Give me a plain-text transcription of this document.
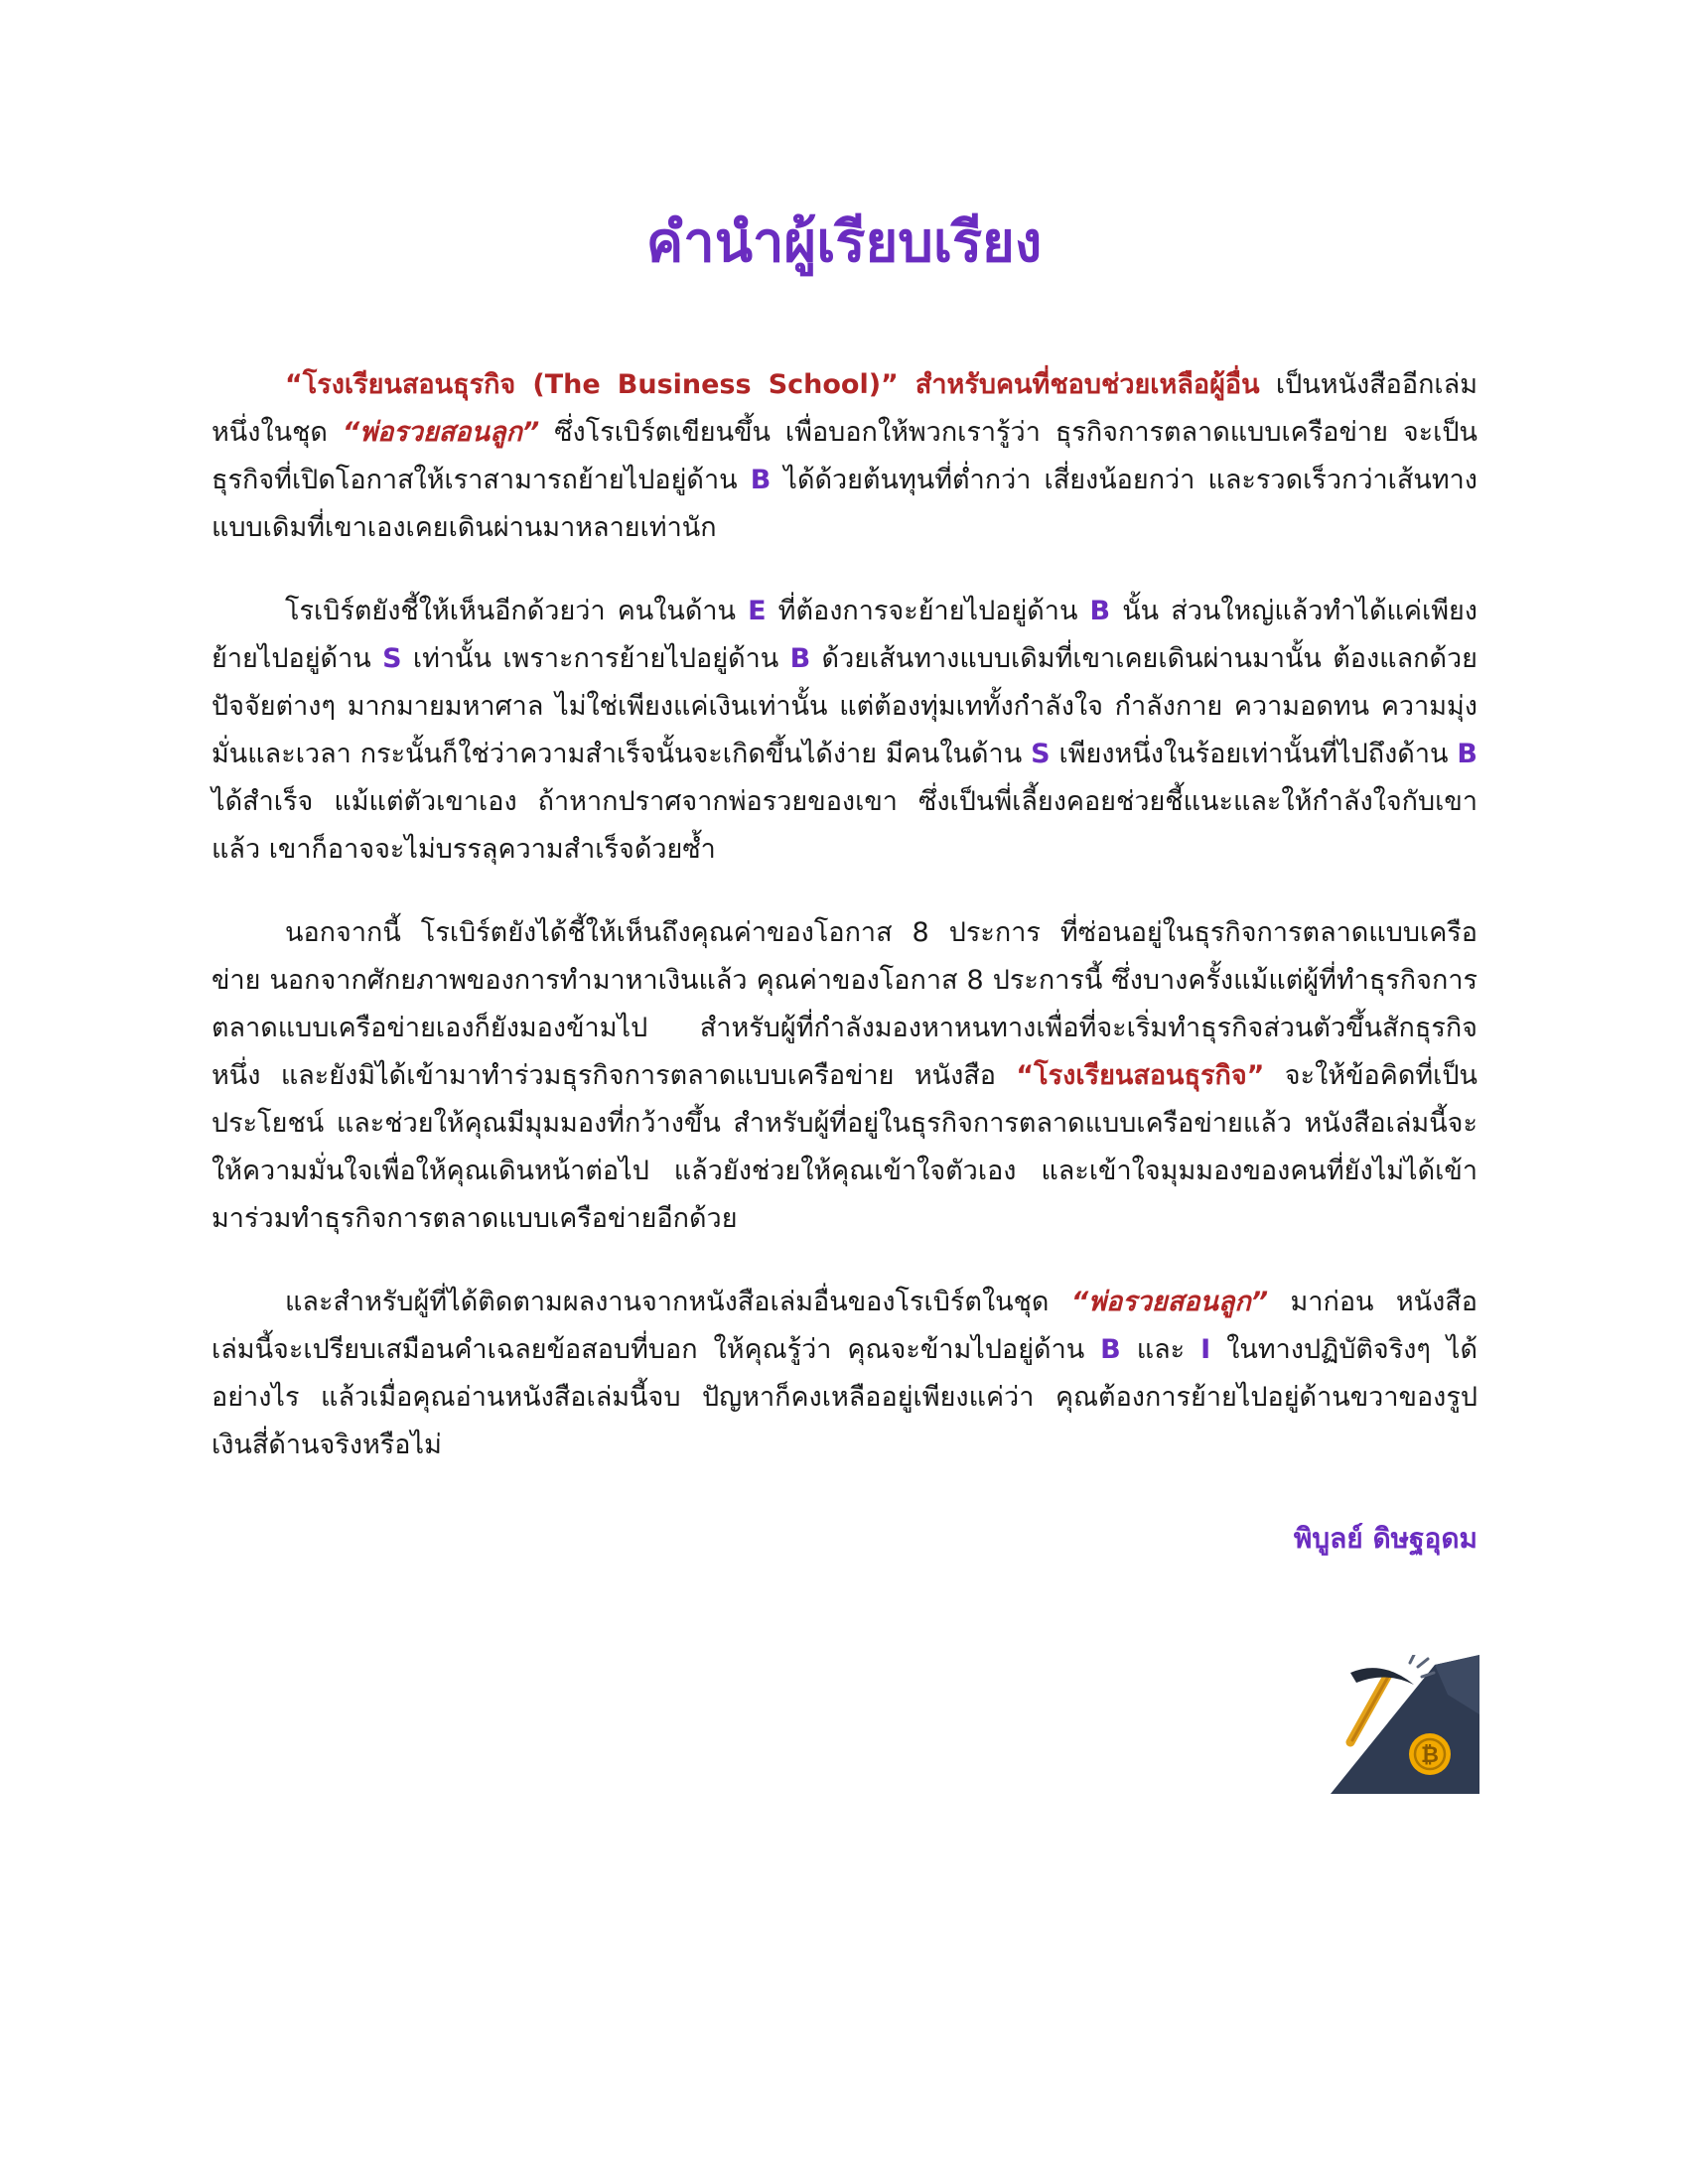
คำนำผู้เรียบเรียง

“โรงเรียนสอนธุรกิจ (The Business School)” สำหรับคนที่ชอบช่วยเหลือผู้อื่น เป็นหนังสืออีกเล่มหนึ่งในชุด “พ่อรวยสอนลูก” ซึ่งโรเบิร์ตเขียนขึ้น เพื่อบอกให้พวกเรารู้ว่า ธุรกิจการตลาดแบบเครือข่าย จะเป็นธุรกิจที่เปิดโอกาสให้เราสามารถย้ายไปอยู่ด้าน B ได้ด้วยต้นทุนที่ต่ำกว่า เสี่ยงน้อยกว่า และรวดเร็วกว่าเส้นทางแบบเดิมที่เขาเองเคยเดินผ่านมาหลายเท่านัก

โรเบิร์ตยังชี้ให้เห็นอีกด้วยว่า คนในด้าน E ที่ต้องการจะย้ายไปอยู่ด้าน B นั้น ส่วนใหญ่แล้วทำได้แค่เพียงย้ายไปอยู่ด้าน S เท่านั้น เพราะการย้ายไปอยู่ด้าน B ด้วยเส้นทางแบบเดิมที่เขาเคยเดินผ่านมานั้น ต้องแลกด้วยปัจจัยต่างๆ มากมายมหาศาล ไม่ใช่เพียงแค่เงินเท่านั้น แต่ต้องทุ่มเททั้งกำลังใจ กำลังกาย ความอดทน ความมุ่งมั่นและเวลา กระนั้นก็ใช่ว่าความสำเร็จนั้นจะเกิดขึ้นได้ง่าย มีคนในด้าน S เพียงหนึ่งในร้อยเท่านั้นที่ไปถึงด้าน B ได้สำเร็จ แม้แต่ตัวเขาเอง ถ้าหากปราศจากพ่อรวยของเขา ซึ่งเป็นพี่เลี้ยงคอยช่วยชี้แนะและให้กำลังใจกับเขาแล้ว เขาก็อาจจะไม่บรรลุความสำเร็จด้วยซ้ำ

นอกจากนี้ โรเบิร์ตยังได้ชี้ให้เห็นถึงคุณค่าของโอกาส 8 ประการ ที่ซ่อนอยู่ในธุรกิจการตลาดแบบเครือข่าย นอกจากศักยภาพของการทำมาหาเงินแล้ว คุณค่าของโอกาส 8 ประการนี้ ซึ่งบางครั้งแม้แต่ผู้ที่ทำธุรกิจการตลาดแบบเครือข่ายเองก็ยังมองข้ามไป สำหรับผู้ที่กำลังมองหาหนทางเพื่อที่จะเริ่มทำธุรกิจส่วนตัวขึ้นสักธุรกิจหนึ่ง และยังมิได้เข้ามาทำร่วมธุรกิจการตลาดแบบเครือข่าย หนังสือ “โรงเรียนสอนธุรกิจ” จะให้ข้อคิดที่เป็นประโยชน์ และช่วยให้คุณมีมุมมองที่กว้างขึ้น สำหรับผู้ที่อยู่ในธุรกิจการตลาดแบบเครือข่ายแล้ว หนังสือเล่มนี้จะให้ความมั่นใจเพื่อให้คุณเดินหน้าต่อไป แล้วยังช่วยให้คุณเข้าใจตัวเอง และเข้าใจมุมมองของคนที่ยังไม่ได้เข้ามาร่วมทำธุรกิจการตลาดแบบเครือข่ายอีกด้วย

และสำหรับผู้ที่ได้ติดตามผลงานจากหนังสือเล่มอื่นของโรเบิร์ตในชุด “พ่อรวยสอนลูก” มาก่อน หนังสือเล่มนี้จะเปรียบเสมือนคำเฉลยข้อสอบที่บอก ให้คุณรู้ว่า คุณจะข้ามไปอยู่ด้าน B และ I ในทางปฏิบัติจริงๆ ได้อย่างไร แล้วเมื่อคุณอ่านหนังสือเล่มนี้จบ ปัญหาก็คงเหลืออยู่เพียงแค่ว่า คุณต้องการย้ายไปอยู่ด้านขวาของรูปเงินสี่ด้านจริงหรือไม่

พิบูลย์ ดิษฐอุดม

₿
